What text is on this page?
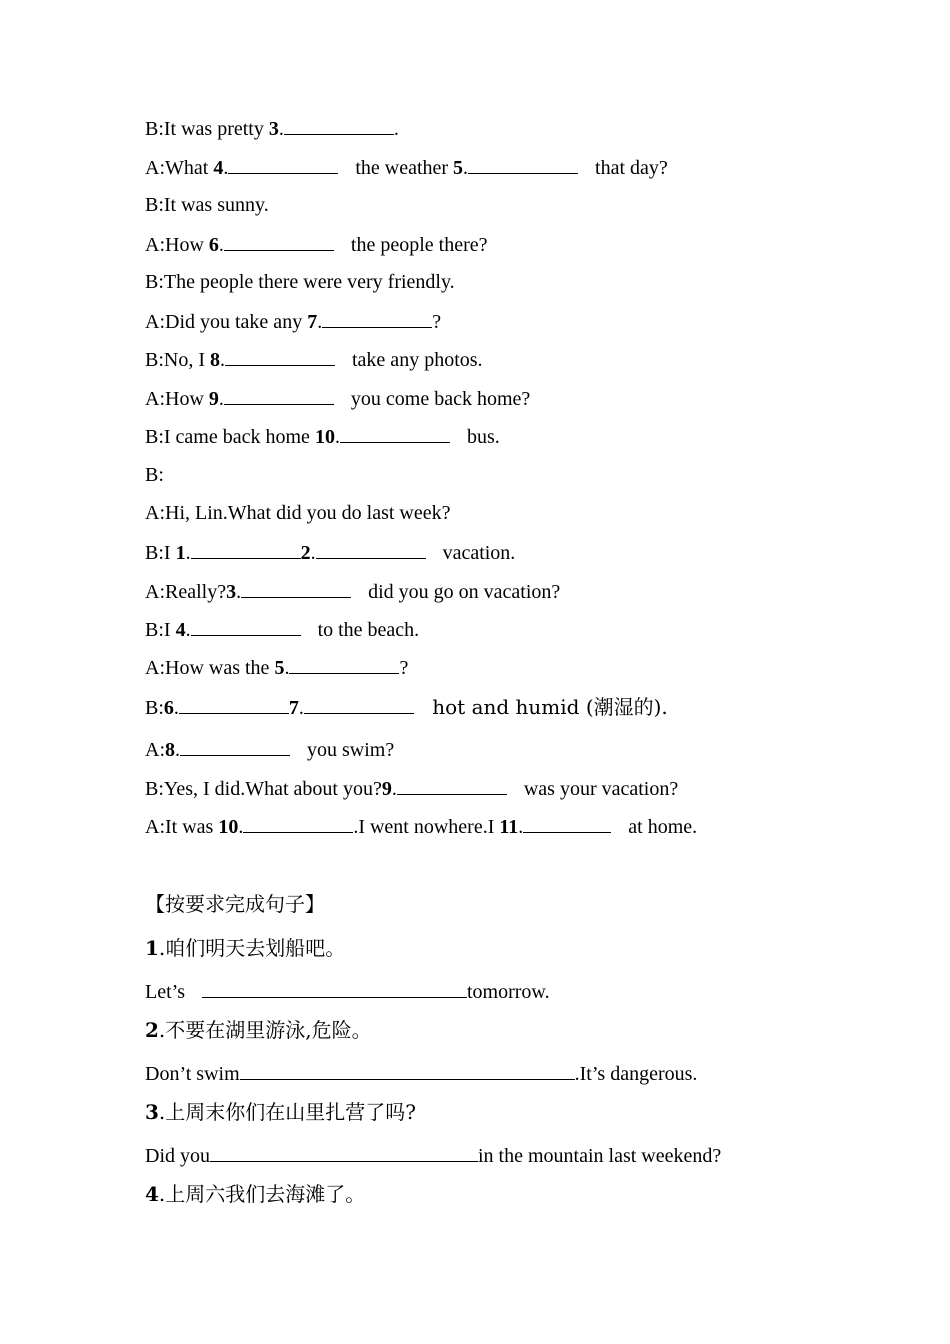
B:It was pretty 3.	.
A:What 4.	the weather 5.	that day?
B:It was sunny.
A:How 6.	the people there?
B:The people there were very friendly.
A:Did you take any 7.	?
B:No, I 8.	take any photos.
A:How 9.	you come back home?
B:I came back home 10.	bus.
B:
A:Hi, Lin.What did you do last week?
B:I 1.	2.	vacation.
A:Really?3.	did you go on vacation?
B:I 4.	to the beach.
A:How was the 5.	?
B:6.	7.	hot and humid (潮湿的).
A:8.	you swim?
B:Yes, I did.What about you?9.	was your vacation?
A:It was 10.	.I went nowhere.I 11.	at home.
【按要求完成句子】
1.咱们明天去划船吧。
Let’s	tomorrow.
2.不要在湖里游泳,危险。
Don’t swim	.It’s dangerous.
3.上周末你们在山里扎营了吗?
Did you	in the mountain last weekend?
4.上周六我们去海滩了。
